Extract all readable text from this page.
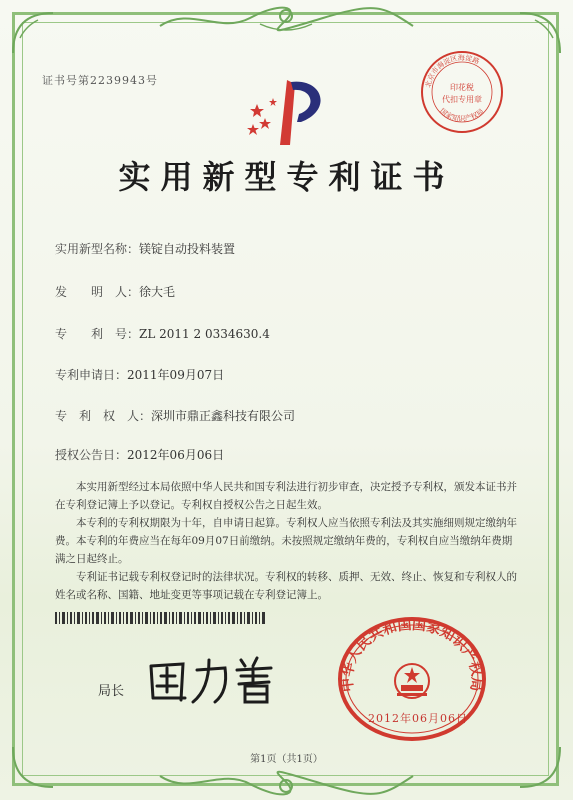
证书号第2239943号	北京市海淀区海淀路
印花税
代扣专用章
国家知识产权局
实用新型专利证书
实用新型名称：镁锭自动投料装置
发　　明　人：徐大毛
专　　利　号：ZL 2011 2 0334630.4
专利申请日：2011年09月07日
专　利　权　人：深圳市鼎正鑫科技有限公司
授权公告日：2012年06月06日

本实用新型经过本局依照中华人民共和国专利法进行初步审查，决定授予专利权，颁发本证书并在专利登记簿上予以登记。专利权自授权公告之日起生效。

本专利的专利权期限为十年，自申请日起算。专利权人应当依照专利法及其实施细则规定缴纳年费。本专利的年费应当在每年09月07日前缴纳。未按照规定缴纳年费的，专利权自应当缴纳年费期满之日起终止。

专利证书记载专利权登记时的法律状况。专利权的转移、质押、无效、终止、恢复和专利权人的姓名或名称、国籍、地址变更等事项记载在专利登记簿上。

局长	中华人民共和国国家知识产权局
2012年06月06日
第1页（共1页）
